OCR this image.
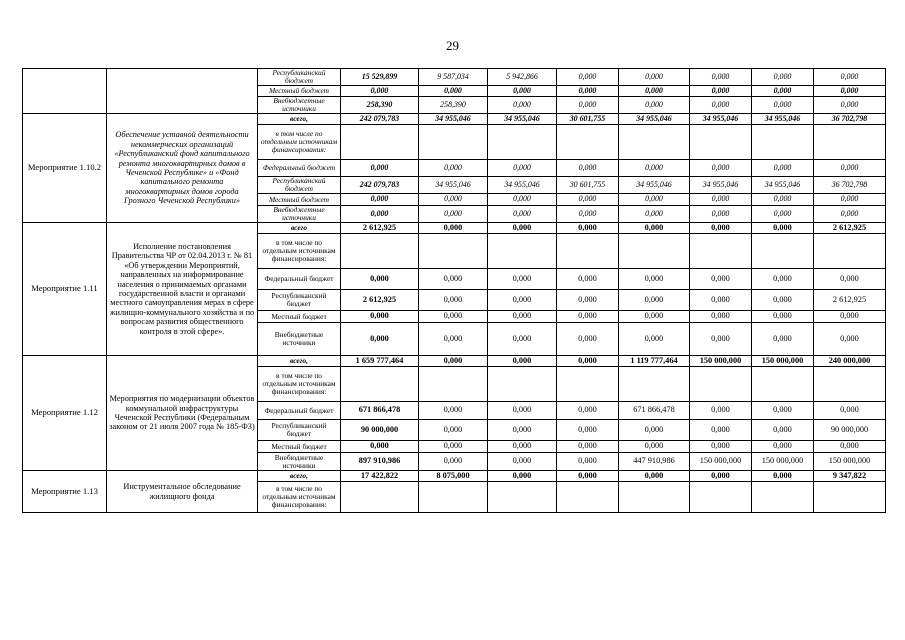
29
		Республиканский бюджет	15 529,899	9 587,034	5 942,866	0,000	0,000	0,000	0,000	0,000
		Местный бюджет	0,000	0,000	0,000	0,000	0,000	0,000	0,000	0,000
		Внебюджетные источники	258,390	258,390	0,000	0,000	0,000	0,000	0,000	0,000
Мероприятие 1.10.2	Обеспечение уставной деятельности некоммерческих организаций «Республиканский фонд капитального ремонта многоквартирных домов в Чеченской Республике» и «Фонд капитального ремонта многоквартирных домов города Грозного Чеченской Республики»	всего,	242 079,783	34 955,046	34 955,046	30 601,755	34 955,046	34 955,046	34 955,046	36 702,798
		в том числе по отдельным источникам финансирования:								
		Федеральный бюджет	0,000	0,000	0,000	0,000	0,000	0,000	0,000	0,000
		Республиканский бюджет	242 079,783	34 955,046	34 955,046	30 601,755	34 955,046	34 955,046	34 955,046	36 702,798
		Местный бюджет	0,000	0,000	0,000	0,000	0,000	0,000	0,000	0,000
		Внебюджетные источники	0,000	0,000	0,000	0,000	0,000	0,000	0,000	0,000
Мероприятие 1.11	Исполнение постановления Правительства ЧР от 02.04.2013 г. № 81 «Об утверждении Мероприятий, направленных на информирование населения о принимаемых органами государственной власти и органами местного самоуправления мерах в сфере жилищно-коммунального хозяйства и по вопросам развития общественного контроля в этой сфере».	всего	2 612,925	0,000	0,000	0,000	0,000	0,000	0,000	2 612,925
		в том числе по отдельным источникам финансирования:								
		Федеральный бюджет	0,000	0,000	0,000	0,000	0,000	0,000	0,000	0,000
		Республиканский бюджет	2 612,925	0,000	0,000	0,000	0,000	0,000	0,000	2 612,925
		Местный бюджет	0,000	0,000	0,000	0,000	0,000	0,000	0,000	0,000
		Внебюджетные источники	0,000	0,000	0,000	0,000	0,000	0,000	0,000	0,000
Мероприятие 1.12	Мероприятия по модернизации объектов коммунальной инфраструктуры Чеченской Республики (Федеральным законом от 21 июля 2007 года № 185-ФЗ)	всего,	1 659 777,464	0,000	0,000	0,000	1 119 777,464	150 000,000	150 000,000	240 000,000
		в том числе по отдельным источникам финансирования:								
		Федеральный бюджет	671 866,478	0,000	0,000	0,000	671 866,478	0,000	0,000	0,000
		Республиканский бюджет	90 000,000	0,000	0,000	0,000	0,000	0,000	0,000	90 000,000
		Местный бюджет	0,000	0,000	0,000	0,000	0,000	0,000	0,000	0,000
		Внебюджетные источники	897 910,986	0,000	0,000	0,000	447 910,986	150 000,000	150 000,000	150 000,000
Мероприятие 1.13	Инструментальное обследование жилищного фонда	всего,	17 422,822	8 075,000	0,000	0,000	0,000	0,000	0,000	9 347,822
		в том числе по отдельным источникам финансирования:								
